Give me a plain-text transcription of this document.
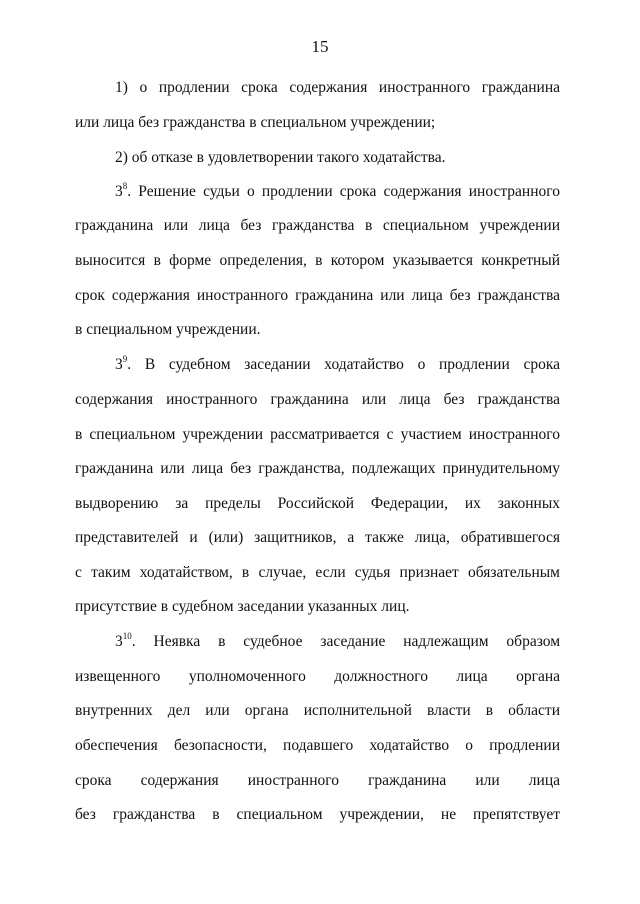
15
1) о продлении срока содержания иностранного гражданина
или лица без гражданства в специальном учреждении;
2) об отказе в удовлетворении такого ходатайства.
$3^8$. Решение судьи о продлении срока содержания иностранного
гражданина или лица без гражданства в специальном учреждении
выносится в форме определения, в котором указывается конкретный
срок содержания иностранного гражданина или лица без гражданства
в специальном учреждении.
$3^9$. В судебном заседании ходатайство о продлении срока
содержания иностранного гражданина или лица без гражданства
в специальном учреждении рассматривается с участием иностранного
гражданина или лица без гражданства, подлежащих принудительному
выдворению за пределы Российской Федерации, их законных
представителей и (или) защитников, а также лица, обратившегося
с таким ходатайством, в случае, если судья признает обязательным
присутствие в судебном заседании указанных лиц.
$3^{10}$. Неявка в судебное заседание надлежащим образом
извещенного уполномоченного должностного лица органа
внутренних дел или органа исполнительной власти в области
обеспечения безопасности, подавшего ходатайство о продлении
срока содержания иностранного гражданина или лица
без гражданства в специальном учреждении, не препятствует
